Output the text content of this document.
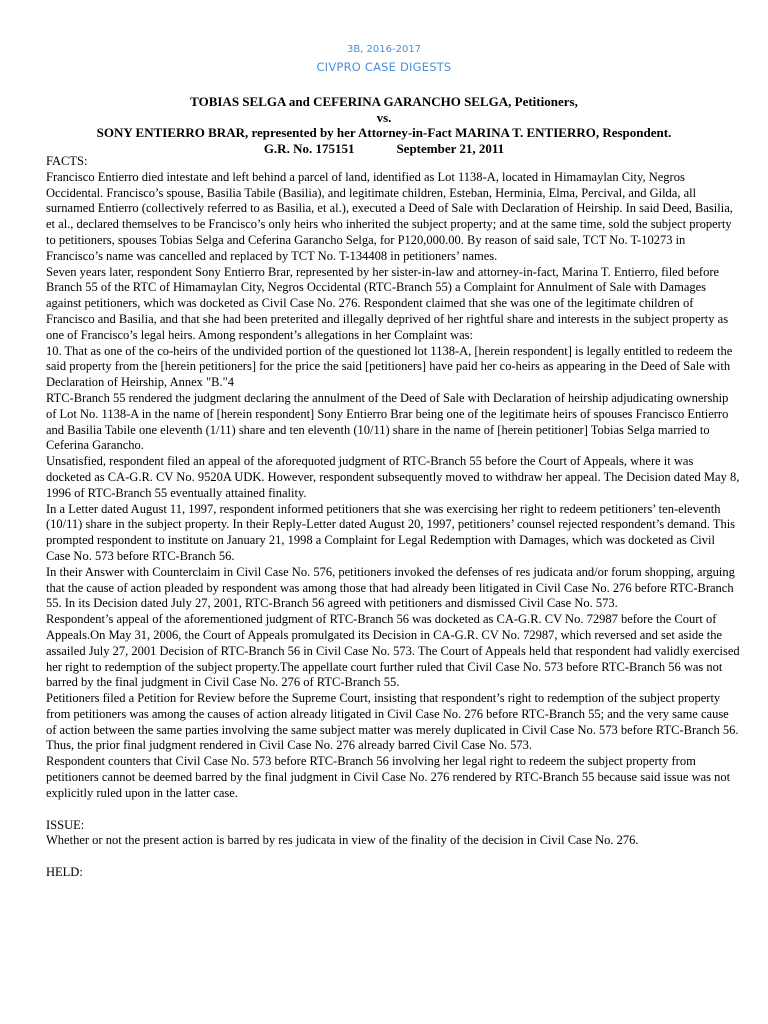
3B, 2016-2017
CIVPRO CASE DIGESTS
TOBIAS SELGA and CEFERINA GARANCHO SELGA, Petitioners,
vs.
SONY ENTIERRO BRAR, represented by her Attorney-in-Fact MARINA T. ENTIERRO, Respondent.
G.R. No. 175151	September 21, 2011

FACTS:

Francisco Entierro died intestate and left behind a parcel of land, identified as Lot 1138-A, located in Himamaylan City, Negros Occidental. Francisco’s spouse, Basilia Tabile (Basilia), and legitimate children, Esteban, Herminia, Elma, Percival, and Gilda, all surnamed Entierro (collectively referred to as Basilia, et al.), executed a Deed of Sale with Declaration of Heirship. In said Deed, Basilia, et al., declared themselves to be Francisco’s only heirs who inherited the subject property; and at the same time, sold the subject property to petitioners, spouses Tobias Selga and Ceferina Garancho Selga, for P120,000.00. By reason of said sale, TCT No. T-10273 in Francisco’s name was cancelled and replaced by TCT No. T-134408 in petitioners’ names.

Seven years later, respondent Sony Entierro Brar, represented by her sister-in-law and attorney-in-fact, Marina T. Entierro, filed before Branch 55 of the RTC of Himamaylan City, Negros Occidental (RTC-Branch 55) a Complaint for Annulment of Sale with Damages against petitioners, which was docketed as Civil Case No. 276. Respondent claimed that she was one of the legitimate children of Francisco and Basilia, and that she had been preterited and illegally deprived of her rightful share and interests in the subject property as one of Francisco’s legal heirs. Among respondent’s allegations in her Complaint was:

10. That as one of the co-heirs of the undivided portion of the questioned lot 1138-A, [herein respondent] is legally entitled to redeem the said property from the [herein petitioners] for the price the said [petitioners] have paid her co-heirs as appearing in the Deed of Sale with Declaration of Heirship, Annex "B."4

RTC-Branch 55 rendered the judgment declaring the annulment of the Deed of Sale with Declaration of heirship adjudicating ownership of Lot No. 1138-A in the name of [herein respondent] Sony Entierro Brar being one of the legitimate heirs of spouses Francisco Entierro and Basilia Tabile one eleventh (1/11) share and ten eleventh (10/11) share in the name of [herein petitioner] Tobias Selga married to Ceferina Garancho.

Unsatisfied, respondent filed an appeal of the aforequoted judgment of RTC-Branch 55 before the Court of Appeals, where it was docketed as CA-G.R. CV No. 9520A UDK. However, respondent subsequently moved to withdraw her appeal. The Decision dated May 8, 1996 of RTC-Branch 55 eventually attained finality.

In a Letter dated August 11, 1997, respondent informed petitioners that she was exercising her right to redeem petitioners’ ten-eleventh (10/11) share in the subject property. In their Reply-Letter dated August 20, 1997, petitioners’ counsel rejected respondent’s demand. This prompted respondent to institute on January 21, 1998 a Complaint for Legal Redemption with Damages, which was docketed as Civil Case No. 573 before RTC-Branch 56.

In their Answer with Counterclaim in Civil Case No. 576, petitioners invoked the defenses of res judicata and/or forum shopping, arguing that the cause of action pleaded by respondent was among those that had already been litigated in Civil Case No. 276 before RTC-Branch 55. In its Decision dated July 27, 2001, RTC-Branch 56 agreed with petitioners and dismissed Civil Case No. 573.

Respondent’s appeal of the aforementioned judgment of RTC-Branch 56 was docketed as CA-G.R. CV No. 72987 before the Court of Appeals.On May 31, 2006, the Court of Appeals promulgated its Decision in CA-G.R. CV No. 72987, which reversed and set aside the assailed July 27, 2001 Decision of RTC-Branch 56 in Civil Case No. 573. The Court of Appeals held that respondent had validly exercised her right to redemption of the subject property.The appellate court further ruled that Civil Case No. 573 before RTC-Branch 56 was not barred by the final judgment in Civil Case No. 276 of RTC-Branch 55.

Petitioners filed a Petition for Review before the Supreme Court, insisting that respondent’s right to redemption of the subject property from petitioners was among the causes of action already litigated in Civil Case No. 276 before RTC-Branch 55; and the very same cause of action between the same parties involving the same subject matter was merely duplicated in Civil Case No. 573 before RTC-Branch 56. Thus, the prior final judgment rendered in Civil Case No. 276 already barred Civil Case No. 573.

Respondent counters that Civil Case No. 573 before RTC-Branch 56 involving her legal right to redeem the subject property from petitioners cannot be deemed barred by the final judgment in Civil Case No. 276 rendered by RTC-Branch 55 because said issue was not explicitly ruled upon in the latter case.

ISSUE:

Whether or not the present action is barred by res judicata in view of the finality of the decision in Civil Case No. 276.

HELD:
